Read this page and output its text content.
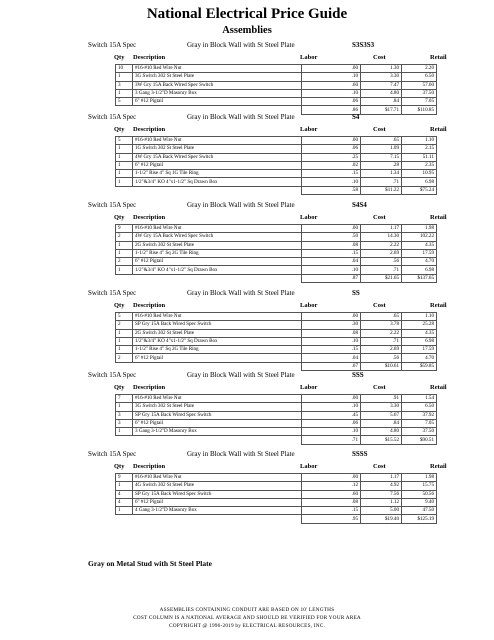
National Electrical Price Guide
Assemblies
Switch 15A Spec	Gray in Block Wall with St Steel Plate	S3S3S3
Qty Description	Labor	Cost	Retail
10	#16-#10 Red Wire Nut	.00	1.30	2.20
1	3G Switch 302 St Steel Plate	.10	3.30	6.50
3	3W Gry 15A Back Wired Spec Switch	.60	7.47	57.60
1	3 Gang 3-1/2"D Masonry Box	.10	4.80	37.50
5	6" #12 Pigtail	.06	.84	7.05
		.86	$17.71	$110.85
Switch 15A Spec	Gray in Block Wall with St Steel Plate	S4
Qty Description	Labor	Cost	Retail
5	#16-#10 Red Wire Nut	.00	.65	1.10
1	1G Switch 302 St Steel Plate	.06	1.09	2.15
1	4W Gry 15A Back Wired Spec Switch	.25	7.15	51.11
1	6" #12 Pigtail	.02	.28	2.35
1	1-1/2" Rise 4" Sq 1G Tile Ring	.15	1.34	10.95
1	1/2"&3/4" KO 4"x1-1/2" Sq Drawn Box	.10	.71	6.98
		.58	$11.22	$75.24
Switch 15A Spec	Gray in Block Wall with St Steel Plate	S4S4
Qty Description	Labor	Cost	Retail
9	#16-#10 Red Wire Nut	.00	1.17	1.98
2	4W Gry 15A Back Wired Spec Switch	.50	14.30	102.22
1	2G Switch 302 St Steel Plate	.08	2.22	4.35
1	1-1/2" Rise 4" Sq 2G Tile Ring	.15	2.69	17.59
2	6" #12 Pigtail	.04	.56	4.70
1	1/2"&3/4" KO 4"x1-1/2" Sq Drawn Box	.10	.71	6.98
		.87	$21.65	$137.65
Switch 15A Spec	Gray in Block Wall with St Steel Plate	SS
Qty Description	Labor	Cost	Retail
5	#16-#10 Red Wire Nut	.00	.65	1.10
2	SP Gry 15A Back Wired Spec Switch	.30	3.78	25.28
1	2G Switch 302 St Steel Plate	.08	2.22	4.35
1	1/2"&3/4" KO 4"x1-1/2" Sq Drawn Box	.10	.71	6.98
1	1-1/2" Rise 4" Sq 2G Tile Ring	.15	2.69	17.59
2	6" #12 Pigtail	.04	.56	4.70
		.67	$10.61	$59.85
Switch 15A Spec	Gray in Block Wall with St Steel Plate	SSS
Qty Description	Labor	Cost	Retail
7	#16-#10 Red Wire Nut	.00	.91	1.54
1	3G Switch 302 St Steel Plate	.10	3.30	6.50
3	SP Gry 15A Back Wired Spec Switch	.45	5.67	37.92
3	6" #12 Pigtail	.06	.84	7.05
1	3 Gang 3-1/2"D Masonry Box	.10	4.80	37.50
		.71	$15.52	$90.51
Switch 15A Spec	Gray in Block Wall with St Steel Plate	SSSS
Qty Description	Labor	Cost	Retail
9	#16-#10 Red Wire Nut	.00	1.17	1.98
1	4G Switch 302 St Steel Plate	.12	4.92	15.75
4	SP Gry 15A Back Wired Spec Switch	.60	7.56	50.56
4	6" #12 Pigtail	.08	1.12	9.40
1	4 Gang 3-1/2"D Masonry Box	.15	5.00	47.50
		.95	$19.40	$125.19
Gray on Metal Stud with St Steel Plate
ASSEMBLIES CONTAINING CONDUIT ARE BASED ON 10' LENGTHS
COST COLUMN IS A NATIONAL AVERAGE AND SHOULD BE VERIFIED FOR YOUR AREA
COPYRIGHT @ 1996-2019 by ELECTRICAL RESOURCES, INC.
